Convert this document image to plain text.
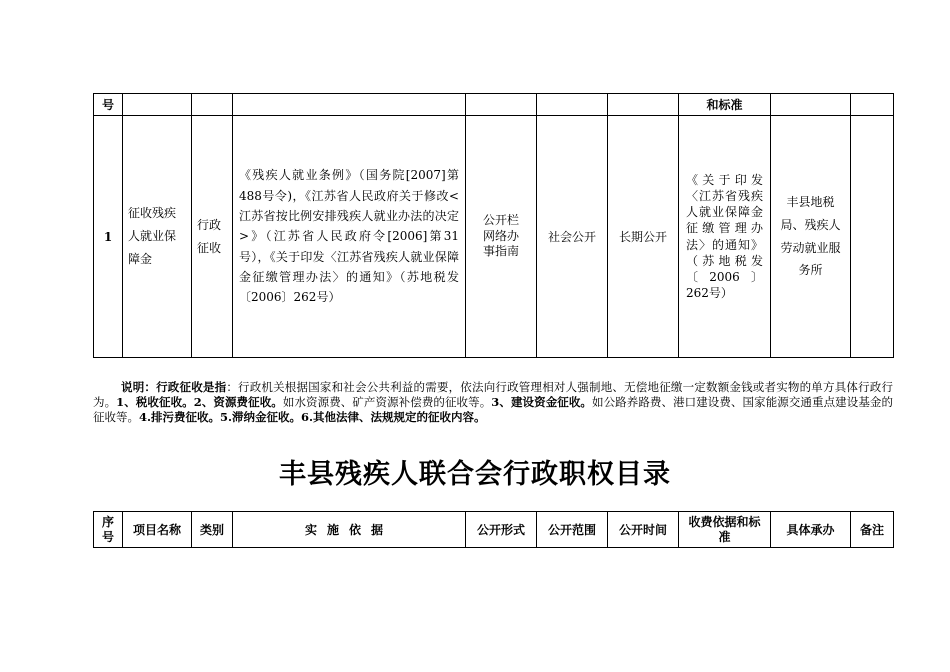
号							和标准		
1	征收残疾人就业保障金	行政征收	《残疾人就业条例》（国务院[2007]第488号令)，《江苏省人民政府关于修改<江苏省按比例安排残疾人就业办法的决定>》（江苏省人民政府令[2006]第31号），《关于印发〈江苏省残疾人就业保障金征缴管理办法〉的通知》（苏地税发〔2006〕262号）	公开栏网络办事指南	社会公开	长期公开	《关于印发〈江苏省残疾人就业保障金征缴管理办法〉的通知》（苏地税发〔2006〕262号）	丰县地税局、残疾人劳动就业服务所	
说明：行政征收是指：行政机关根据国家和社会公共利益的需要，依法向行政管理相对人强制地、无偿地征缴一定数额金钱或者实物的单方具体行政行为。1、税收征收。2、资源费征收。如水资源费、矿产资源补偿费的征收等。3、建设资金征收。如公路养路费、港口建设费、国家能源交通重点建设基金的征收等。4.排污费征收。5.滞纳金征收。6.其他法律、法规规定的征收内容。
丰县残疾人联合会行政职权目录
序号	项目名称	类别	实施依据	公开形式	公开范围	公开时间	收费依据和标准	具体承办	备注
